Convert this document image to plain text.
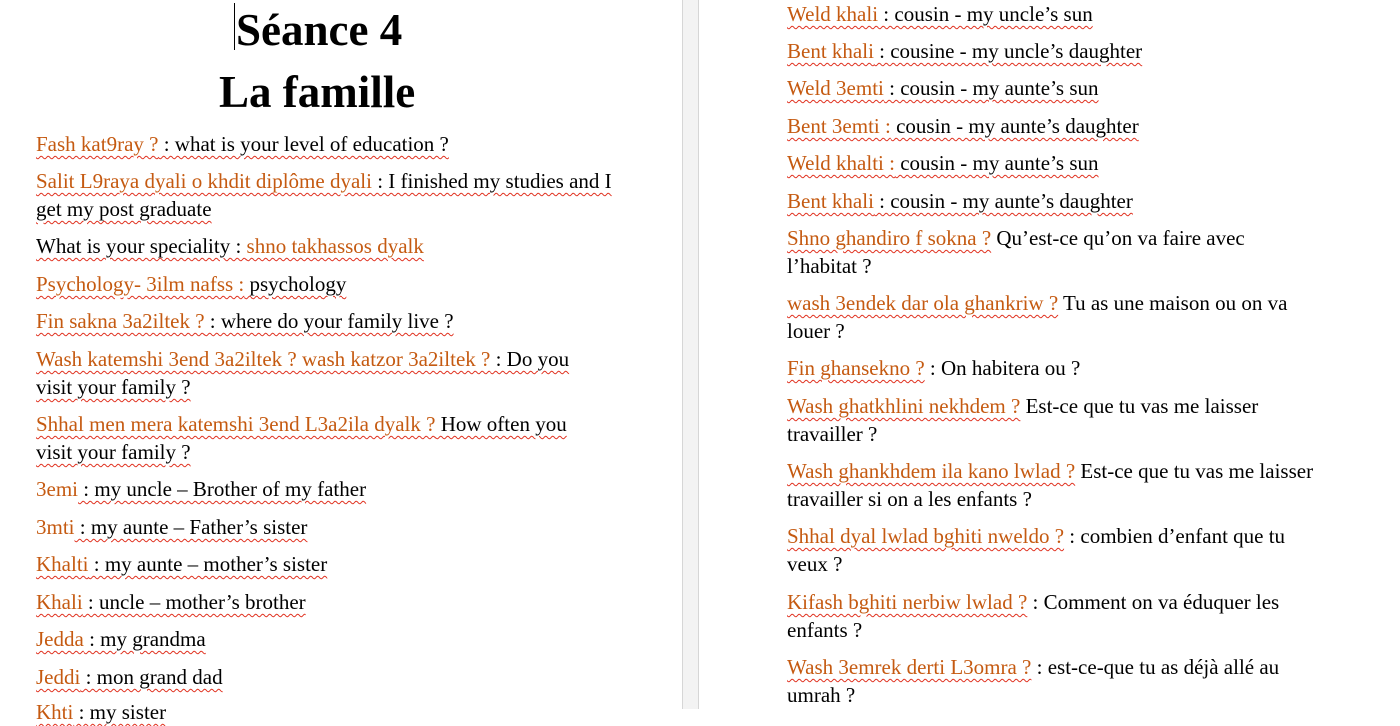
Séance 4
La famille

Fash kat9ray ? : what is your level of education ?

Salit L9raya dyali o khdit diplôme dyali : I finished my studies and I get my post graduate

What is your speciality : shno takhassos dyalk

Psychology- 3ilm nafss : psychology

Fin sakna 3a2iltek ? : where do your family live ?

Wash katemshi 3end 3a2iltek ? wash katzor 3a2iltek ? : Do you visit your family ?

Shhal men mera katemshi 3end L3a2ila dyalk ? How often you visit your family ?

3emi : my uncle – Brother of my father

3mti : my aunte – Father’s sister

Khalti : my aunte – mother’s sister

Khali : uncle – mother’s brother

Jedda : my grandma

Jeddi : mon grand dad

Khti : my sister

Weld khali : cousin - my uncle’s sun

Bent khali : cousine - my uncle’s daughter

Weld 3emti : cousin - my aunte’s sun

Bent 3emti : cousin - my aunte’s daughter

Weld khalti : cousin - my aunte’s sun

Bent khali : cousin - my aunte’s daughter

Shno ghandiro f sokna ? Qu’est-ce qu’on va faire avec l’habitat ?

wash 3endek dar ola ghankriw ? Tu as une maison ou on va louer ?

Fin ghansekno ? : On habitera ou ?

Wash ghatkhlini nekhdem ? Est-ce que tu vas me laisser travailler ?

Wash ghankhdem ila kano lwlad ? Est-ce que tu vas me laisser travailler si on a les enfants ?

Shhal dyal lwlad bghiti nweldo ? : combien d’enfant que tu veux ?

Kifash bghiti nerbiw lwlad ? : Comment on va éduquer les enfants ?

Wash 3emrek derti L3omra ? : est-ce-que tu as déjà allé au umrah ?
